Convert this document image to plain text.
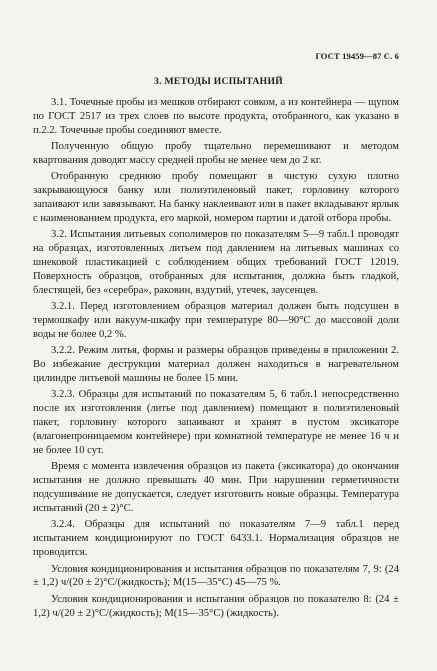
ГОСТ 19459—87 С. 6
3. МЕТОДЫ ИСПЫТАНИЙ

3.1. Точечные пробы из мешков отбирают совком, а из контейнера — щупом по ГОСТ 2517 из трех слоев по высоте продукта, отобранного, как указано в п.2.2. Точечные пробы соединяют вместе.

Полученную общую пробу тщательно перемешивают и методом квартования доводят массу средней пробы не менее чем до 2 кг.

Отобранную среднюю пробу помещают в чистую сухую плотно закрывающуюся банку или полиэтиленовый пакет, горловину которого запаивают или завязывают. На банку наклеивают или в пакет вкладывают ярлык с наименованием продукта, его маркой, номером партии и датой отбора пробы.

3.2. Испытания литьевых сополимеров по показателям 5—9 табл.1 проводят на образцах, изготовленных литьем под давлением на литьевых машинах со шнековой пластикацией с соблюдением общих требований ГОСТ 12019. Поверхность образцов, отобранных для испытания, должна быть гладкой, блестящей, без «серебра», раковин, вздутий, утечек, заусенцев.

3.2.1. Перед изготовлением образцов материал должен быть подсушен в термошкафу или вакуум-шкафу при температуре 80—90°С до массовой доли воды не более 0,2 %.

3.2.2. Режим литья, формы и размеры образцов приведены в приложении 2. Во избежание деструкции материал должен находиться в нагревательном цилиндре литьевой машины не более 15 мин.

3.2.3. Образцы для испытаний по показателям 5, 6 табл.1 непосредственно после их изготовления (литье под давлением) помещают в полиэтиленовый пакет, горловину которого запаивают и хранят в пустом эксикаторе (влагонепроницаемом контейнере) при комнатной температуре не менее 16 ч и не более 10 сут.

Время с момента извлечения образцов из пакета (эксикатора) до окончания испытания не должно превышать 40 мин. При нарушении герметичности подсушивание не допускается, следует изготовить новые образцы. Температура испытаний (20 ± 2)°С.

3.2.4. Образцы для испытаний по показателям 7—9 табл.1 перед испытанием кондиционируют по ГОСТ 6433.1. Нормализация образцов не проводится.

Условия кондиционирования и испытания образцов по показателям 7, 9: (24 ± 1,2) ч/(20 ± 2)°С/(жидкость); М(15—35°С) 45—75 %.

Условия кондиционирования и испытания образцов по показателю 8: (24 ± 1,2) ч/(20 ± 2)°С/(жидкость); М(15—35°С) (жидкость).
